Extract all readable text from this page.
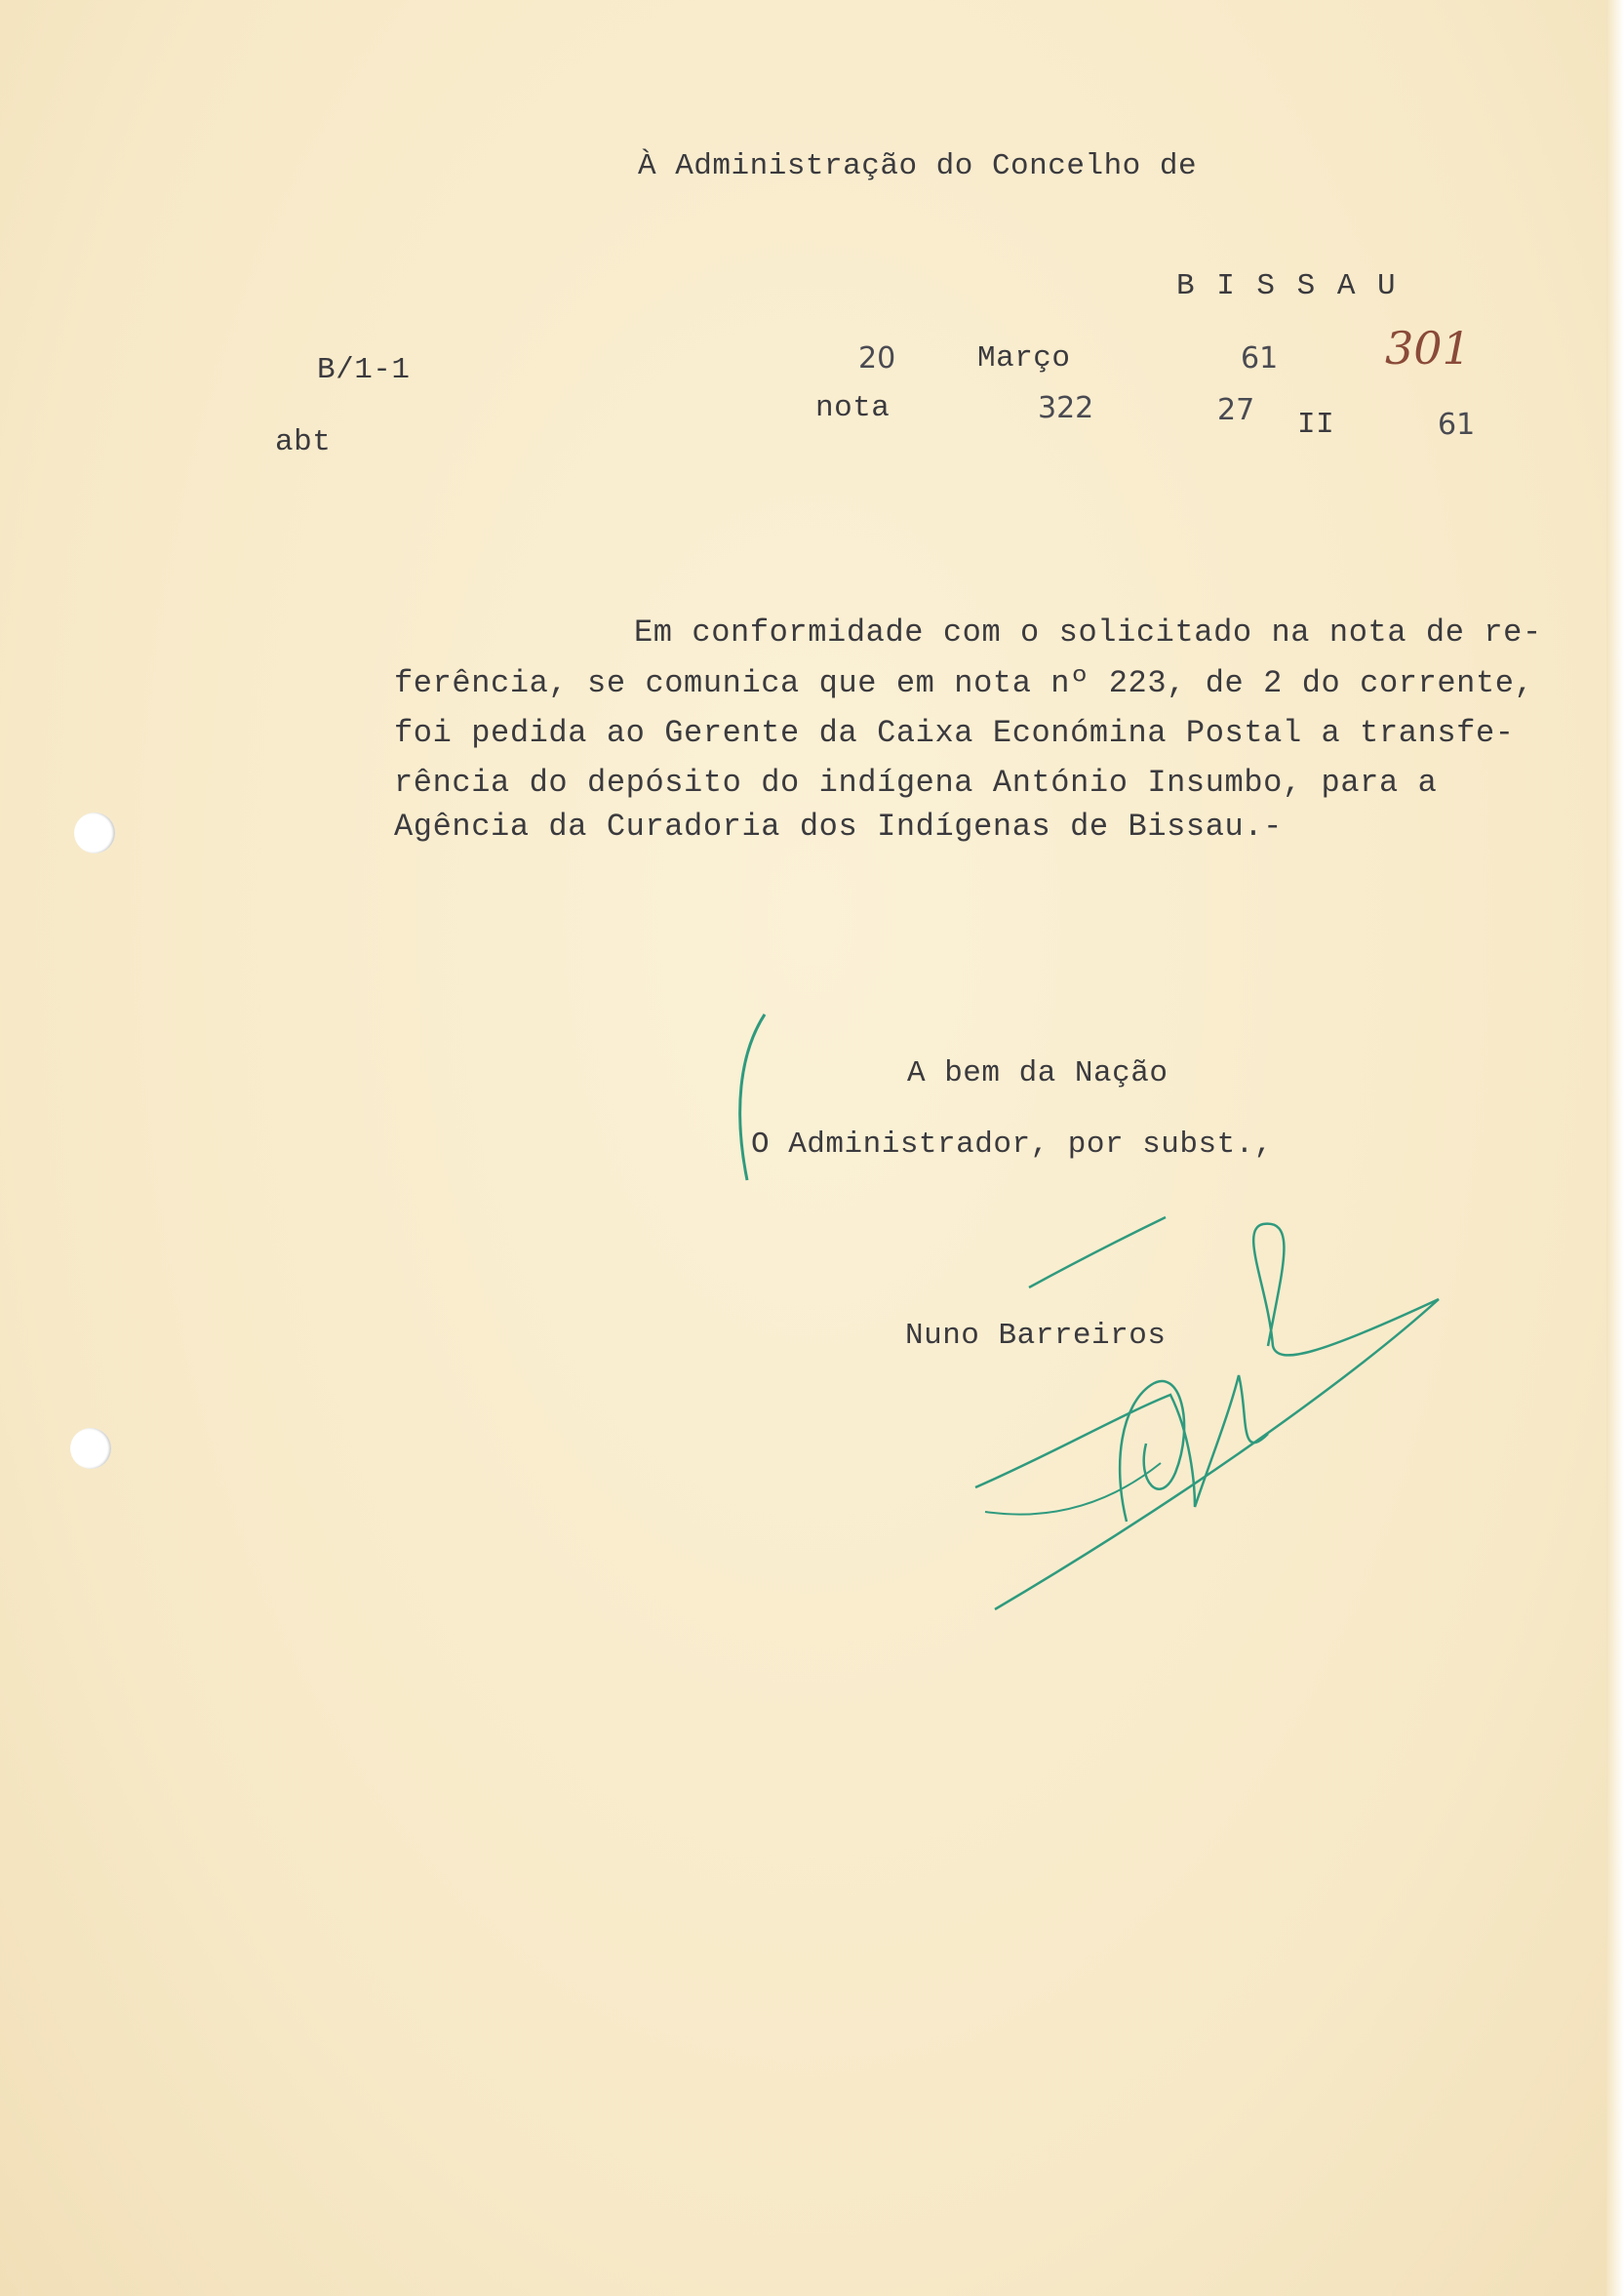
À Administração do Concelho de
B I S S A U
B/1-1
abt
20	Março	61 301
nota	322	27 II	61
Em conformidade com o solicitado na nota de re-
ferência, se comunica que em nota nº 223, de 2 do corrente,
foi pedida ao Gerente da Caixa Económina Postal a transfe-
rência do depósito do indígena António Insumbo, para a
Agência da Curadoria dos Indígenas de Bissau.-
A bem da Nação
O Administrador, por subst.,
Nuno Barreiros
